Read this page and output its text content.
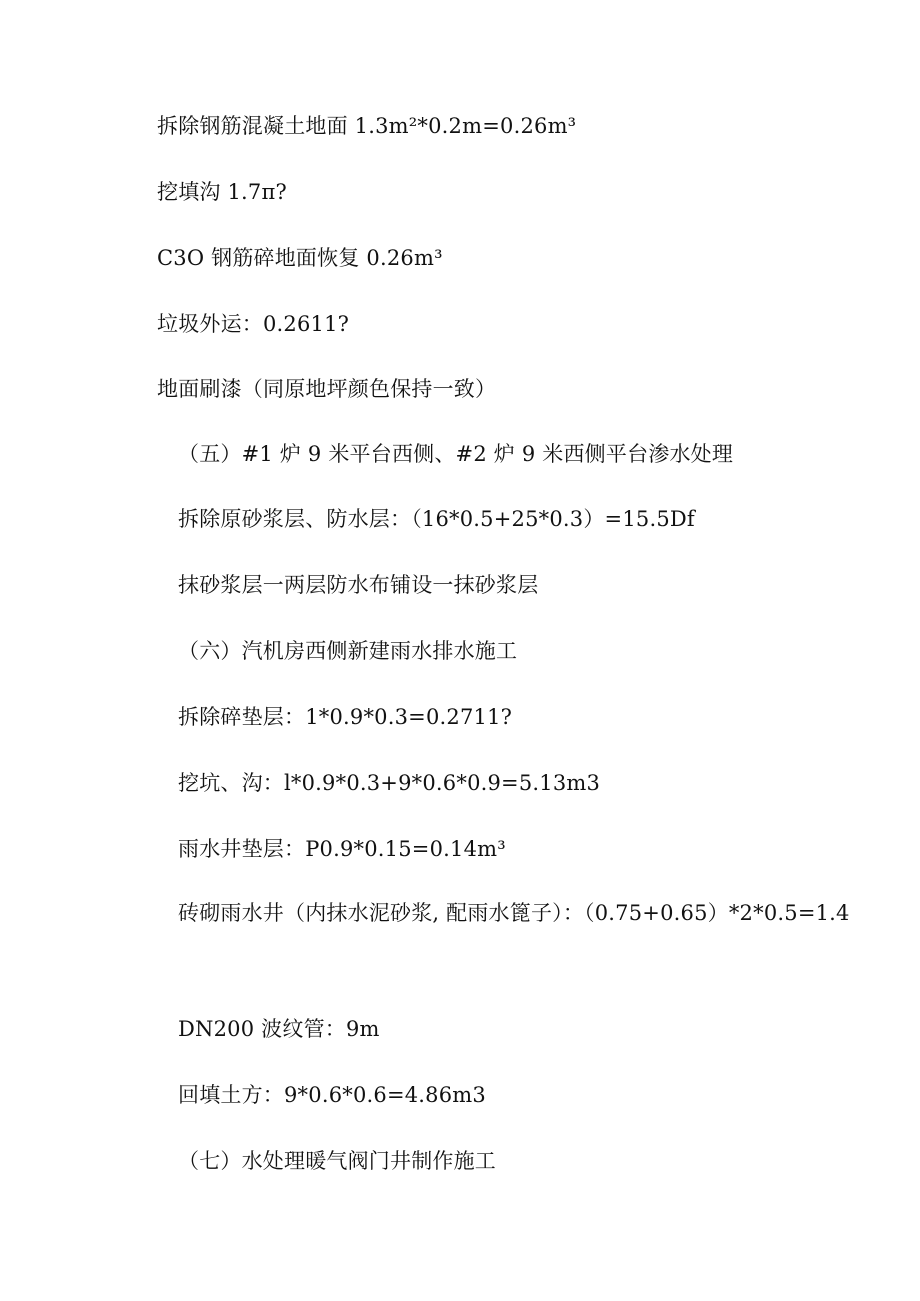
拆除钢筋混凝土地面 1.3m²*0.2m=0.26m³
挖填沟 1.7π?
C3O 钢筋碎地面恢复 0.26m³
垃圾外运：0.2611?
地面刷漆（同原地坪颜色保持一致）
（五）#1 炉 9 米平台西侧、#2 炉 9 米西侧平台渗水处理
拆除原砂浆层、防水层：（16*0.5+25*0.3）=15.5Df
抹砂浆层一两层防水布铺设一抹砂浆层
（六）汽机房西侧新建雨水排水施工
拆除碎垫层：1*0.9*0.3=0.2711?
挖坑、沟：l*0.9*0.3+9*0.6*0.9=5.13m3
雨水井垫层：P0.9*0.15=0.14m³
砖砌雨水井（内抹水泥砂浆, 配雨水篦子）：（0.75+0.65）*2*0.5=1.4
DN200 波纹管：9m
回填土方：9*0.6*0.6=4.86m3
（七）水处理暖气阀门井制作施工
